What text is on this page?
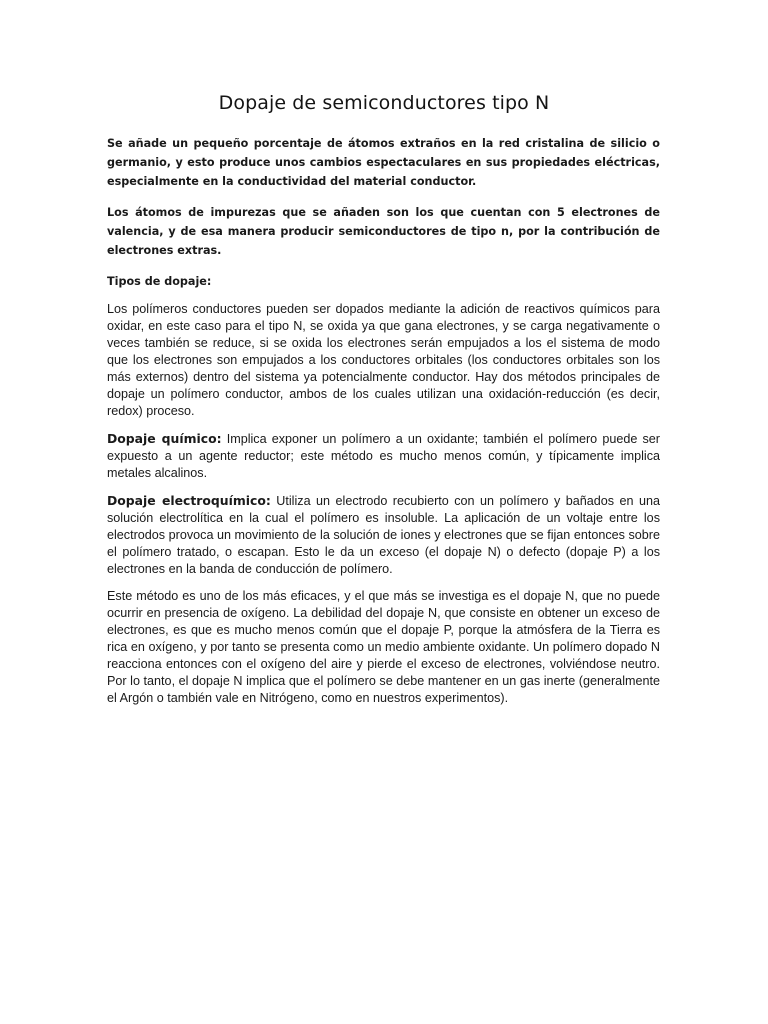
Dopaje de semiconductores tipo N

Se añade un pequeño porcentaje de átomos extraños en la red cristalina de silicio o germanio, y esto produce unos cambios espectaculares en sus propiedades eléctricas, especialmente en la conductividad del material conductor.

Los átomos de impurezas que se añaden son los que cuentan con 5 electrones de valencia, y de esa manera producir semiconductores de tipo n, por la contribución de electrones extras.

Tipos de dopaje:

Los polímeros conductores pueden ser dopados mediante la adición de reactivos químicos para oxidar, en este caso para el tipo N, se oxida ya que gana electrones, y se carga negativamente o veces también se reduce, si se oxida los electrones serán empujados a los el sistema de modo que los electrones son empujados a los conductores orbitales (los conductores orbitales son los más externos) dentro del sistema ya potencialmente conductor. Hay dos métodos principales de dopaje un polímero conductor, ambos de los cuales utilizan una oxidación-reducción (es decir, redox) proceso.

Dopaje químico: Implica exponer un polímero a un oxidante; también el polímero puede ser expuesto a un agente reductor; este método es mucho menos común, y típicamente implica metales alcalinos.

Dopaje electroquímico: Utiliza un electrodo recubierto con un polímero y bañados en una solución electrolítica en la cual el polímero es insoluble. La aplicación de un voltaje entre los electrodos provoca un movimiento de la solución de iones y electrones que se fijan entonces sobre el polímero tratado, o escapan. Esto le da un exceso (el dopaje N) o defecto (dopaje P) a los electrones en la banda de conducción de polímero.

Este método es uno de los más eficaces, y el que más se investiga es el dopaje N, que no puede ocurrir en presencia de oxígeno. La debilidad del dopaje N, que consiste en obtener un exceso de electrones, es que es mucho menos común que el dopaje P, porque la atmósfera de la Tierra es rica en oxígeno, y por tanto se presenta como un medio ambiente oxidante. Un polímero dopado N reacciona entonces con el oxígeno del aire y pierde el exceso de electrones, volviéndose neutro. Por lo tanto, el dopaje N implica que el polímero se debe mantener en un gas inerte (generalmente el Argón o también vale en Nitrógeno, como en nuestros experimentos).
